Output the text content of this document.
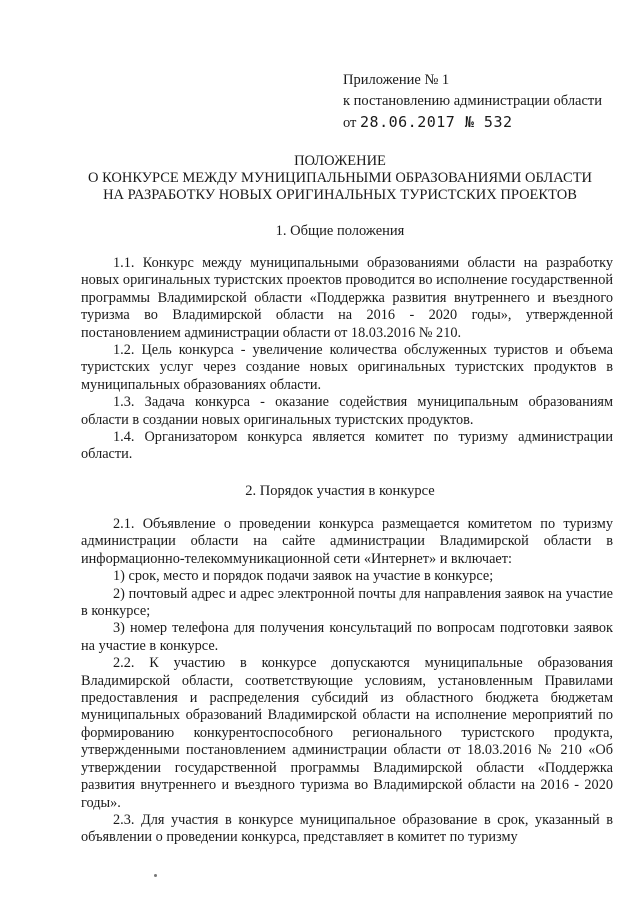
Приложение № 1
к постановлению администрации области
от 28.06.2017 № 532
ПОЛОЖЕНИЕ
О КОНКУРСЕ МЕЖДУ МУНИЦИПАЛЬНЫМИ ОБРАЗОВАНИЯМИ ОБЛАСТИ
НА РАЗРАБОТКУ НОВЫХ ОРИГИНАЛЬНЫХ ТУРИСТСКИХ ПРОЕКТОВ
1. Общие положения

1.1. Конкурс между муниципальными образованиями области на разработку новых оригинальных туристских проектов проводится во исполнение государственной программы Владимирской области «Поддержка развития внутреннего и въездного туризма во Владимирской области на 2016 - 2020 годы», утвержденной постановлением администрации области от 18.03.2016 № 210.

1.2. Цель конкурса - увеличение количества обслуженных туристов и объема туристских услуг через создание новых оригинальных туристских продуктов в муниципальных образованиях области.

1.3. Задача конкурса - оказание содействия муниципальным образованиям области в создании новых оригинальных туристских продуктов.

1.4. Организатором конкурса является комитет по туризму администрации области.

2. Порядок участия в конкурсе

2.1. Объявление о проведении конкурса размещается комитетом по туризму администрации области на сайте администрации Владимирской области в информационно-телекоммуникационной сети «Интернет» и включает:

1) срок, место и порядок подачи заявок на участие в конкурсе;

2) почтовый адрес и адрес электронной почты для направления заявок на участие в конкурсе;

3) номер телефона для получения консультаций по вопросам подготовки заявок на участие в конкурсе.

2.2. К участию в конкурсе допускаются муниципальные образования Владимирской области, соответствующие условиям, установленным Правилами предоставления и распределения субсидий из областного бюджета бюджетам муниципальных образований Владимирской области на исполнение мероприятий по формированию конкурентоспособного регионального туристского продукта, утвержденными постановлением администрации области от 18.03.2016 № 210 «Об утверждении государственной программы Владимирской области «Поддержка развития внутреннего и въездного туризма во Владимирской области на 2016 - 2020 годы».

2.3. Для участия в конкурсе муниципальное образование в срок, указанный в объявлении о проведении конкурса, представляет в комитет по туризму
